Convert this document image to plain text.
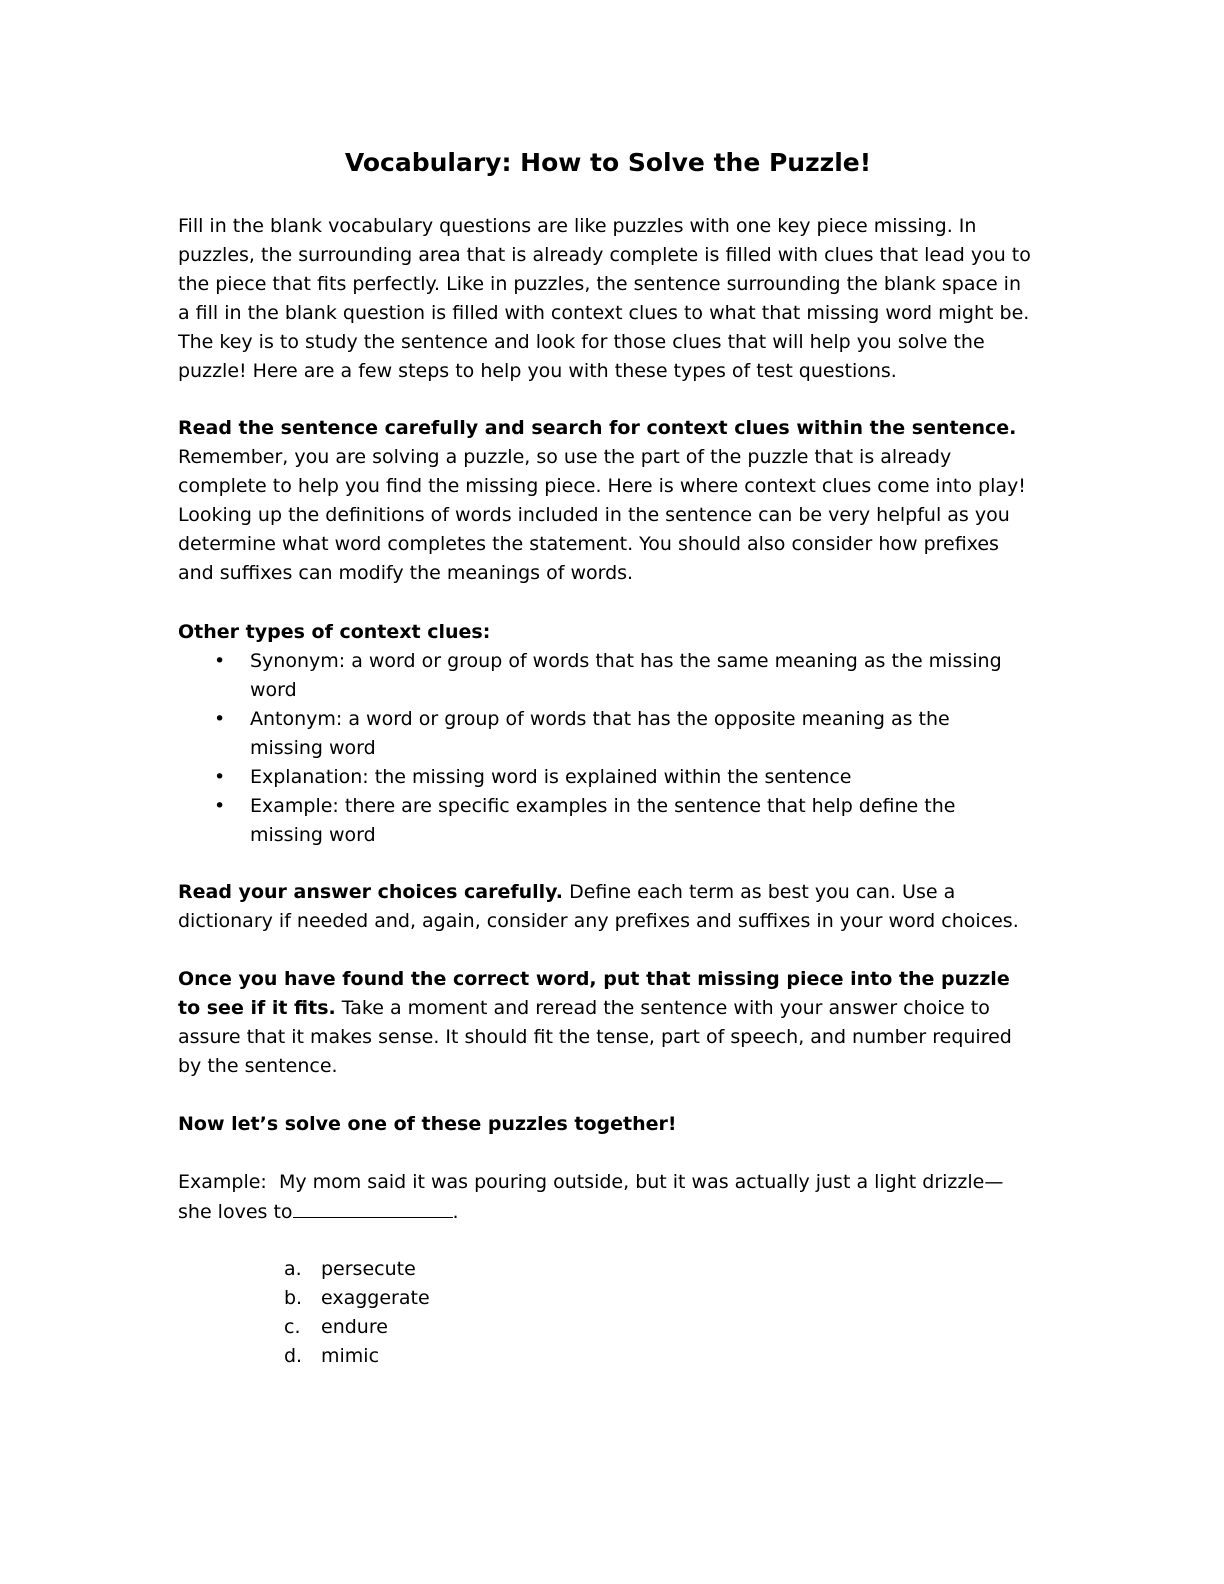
Vocabulary: How to Solve the Puzzle!

Fill in the blank vocabulary questions are like puzzles with one key piece missing. In puzzles, the surrounding area that is already complete is filled with clues that lead you to the piece that fits perfectly. Like in puzzles, the sentence surrounding the blank space in a fill in the blank question is filled with context clues to what that missing word might be. The key is to study the sentence and look for those clues that will help you solve the puzzle! Here are a few steps to help you with these types of test questions.

Read the sentence carefully and search for context clues within the sentence.
Remember, you are solving a puzzle, so use the part of the puzzle that is already complete to help you find the missing piece. Here is where context clues come into play! Looking up the definitions of words included in the sentence can be very helpful as you determine what word completes the statement. You should also consider how prefixes and suffixes can modify the meanings of words.

Other types of context clues:

• Synonym: a word or group of words that has the same meaning as the missing word
• Antonym: a word or group of words that has the opposite meaning as the missing word
• Explanation: the missing word is explained within the sentence
• Example: there are specific examples in the sentence that help define the missing word

Read your answer choices carefully. Define each term as best you can. Use a dictionary if needed and, again, consider any prefixes and suffixes in your word choices.

Once you have found the correct word, put that missing piece into the puzzle to see if it fits. Take a moment and reread the sentence with your answer choice to assure that it makes sense. It should fit the tense, part of speech, and number required by the sentence.

Now let’s solve one of these puzzles together!

Example: My mom said it was pouring outside, but it was actually just a light drizzle—
she loves to	.

a. persecute
b. exaggerate
c. endure
d. mimic
